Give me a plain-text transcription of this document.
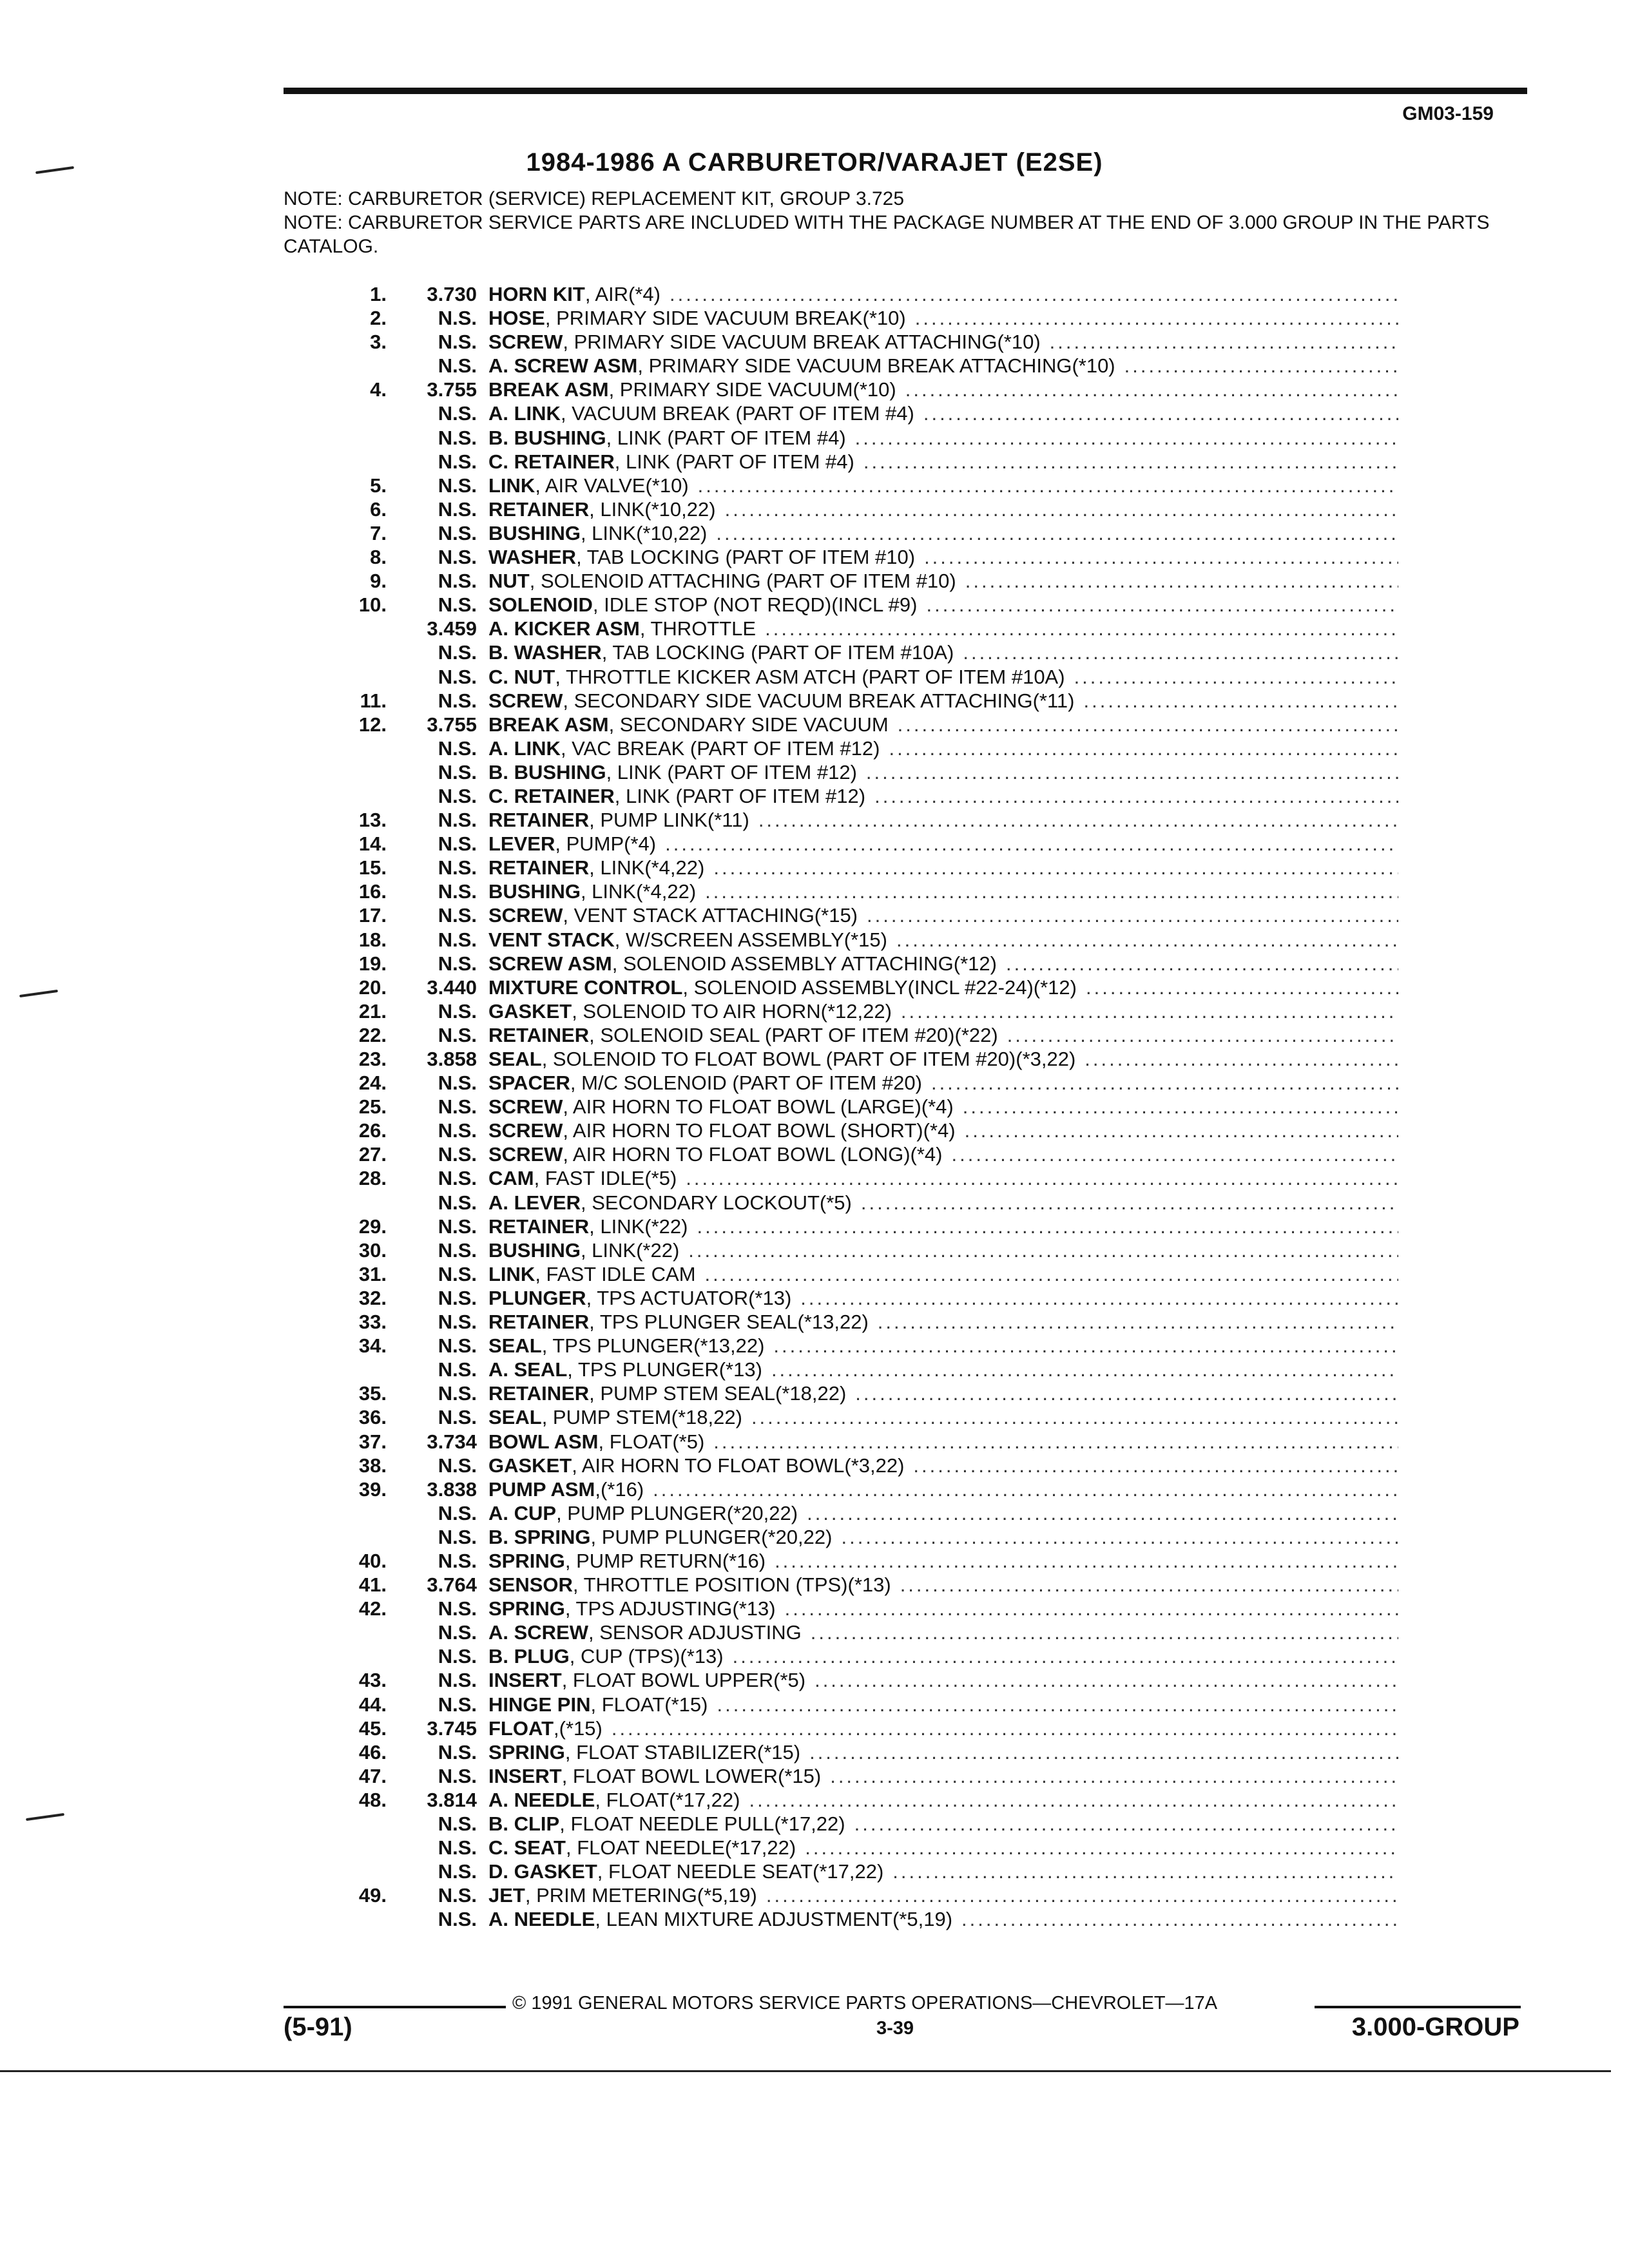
GM03-159
1984-1986 A CARBURETOR/VARAJET (E2SE)

NOTE: CARBURETOR (SERVICE) REPLACEMENT KIT, GROUP 3.725

NOTE: CARBURETOR SERVICE PARTS ARE INCLUDED WITH THE PACKAGE NUMBER AT THE END OF 3.000 GROUP IN THE PARTS CATALOG.

1.	3.730 HORN KIT , AIR(*4)
.....
2.	N.S. HOSE , PRIMARY SIDE VACUUM BREAK(*10)
.....
3.	N.S. SCREW , PRIMARY SIDE VACUUM BREAK ATTACHING(*10)
.....
N.S. A. SCREW ASM , PRIMARY SIDE VACUUM BREAK ATTACHING(*10)
.....
4.	3.755 BREAK ASM , PRIMARY SIDE VACUUM(*10)
.....
N.S. A. LINK , VACUUM BREAK (PART OF ITEM #4)
.....
N.S. B. BUSHING , LINK (PART OF ITEM #4)
.....
N.S. C. RETAINER , LINK (PART OF ITEM #4)
.....
5.	N.S. LINK , AIR VALVE(*10)
.....
6.	N.S. RETAINER , LINK(*10,22)
.....
7.	N.S. BUSHING , LINK(*10,22)
.....
8.	N.S. WASHER , TAB LOCKING (PART OF ITEM #10)
.....
9.	N.S. NUT , SOLENOID ATTACHING (PART OF ITEM #10)
.....
10.	N.S. SOLENOID , IDLE STOP (NOT REQD)(INCL #9)
.....
3.459 A. KICKER ASM , THROTTLE
.....
N.S. B. WASHER , TAB LOCKING (PART OF ITEM #10A)
.....
N.S. C. NUT , THROTTLE KICKER ASM ATCH (PART OF ITEM #10A)
.....
11.	N.S. SCREW , SECONDARY SIDE VACUUM BREAK ATTACHING(*11)
.....
12.	3.755 BREAK ASM , SECONDARY SIDE VACUUM
.....
N.S. A. LINK , VAC BREAK (PART OF ITEM #12)
.....
N.S. B. BUSHING , LINK (PART OF ITEM #12)
.....
N.S. C. RETAINER , LINK (PART OF ITEM #12)
.....
13.	N.S. RETAINER , PUMP LINK(*11)
.....
14.	N.S. LEVER , PUMP(*4)
.....
15.	N.S. RETAINER , LINK(*4,22)
.....
16.	N.S. BUSHING , LINK(*4,22)
.....
17.	N.S. SCREW , VENT STACK ATTACHING(*15)
.....
18.	N.S. VENT STACK , W/SCREEN ASSEMBLY(*15)
.....
19.	N.S. SCREW ASM , SOLENOID ASSEMBLY ATTACHING(*12)
.....
20.	3.440 MIXTURE CONTROL , SOLENOID ASSEMBLY(INCL #22-24)(*12)
.....
21.	N.S. GASKET , SOLENOID TO AIR HORN(*12,22)
.....
22.	N.S. RETAINER , SOLENOID SEAL (PART OF ITEM #20)(*22)
.....
23.	3.858 SEAL , SOLENOID TO FLOAT BOWL (PART OF ITEM #20)(*3,22)
.....
24.	N.S. SPACER , M/C SOLENOID (PART OF ITEM #20)
.....
25.	N.S. SCREW , AIR HORN TO FLOAT BOWL (LARGE)(*4)
.....
26.	N.S. SCREW , AIR HORN TO FLOAT BOWL (SHORT)(*4)
.....
27.	N.S. SCREW , AIR HORN TO FLOAT BOWL (LONG)(*4)
.....
28.	N.S. CAM , FAST IDLE(*5)
.....
N.S. A. LEVER , SECONDARY LOCKOUT(*5)
.....
29.	N.S. RETAINER , LINK(*22)
.....
30.	N.S. BUSHING , LINK(*22)
.....
31.	N.S. LINK , FAST IDLE CAM
.....
32.	N.S. PLUNGER , TPS ACTUATOR(*13)
.....
33.	N.S. RETAINER , TPS PLUNGER SEAL(*13,22)
.....
34.	N.S. SEAL , TPS PLUNGER(*13,22)
.....
N.S. A. SEAL , TPS PLUNGER(*13)
.....
35.	N.S. RETAINER , PUMP STEM SEAL(*18,22)
.....
36.	N.S. SEAL , PUMP STEM(*18,22)
.....
37.	3.734 BOWL ASM , FLOAT(*5)
.....
38.	N.S. GASKET , AIR HORN TO FLOAT BOWL(*3,22)
.....
39.	3.838 PUMP ASM ,(*16)
.....
N.S. A. CUP , PUMP PLUNGER(*20,22)
.....
N.S. B. SPRING , PUMP PLUNGER(*20,22)
.....
40.	N.S. SPRING , PUMP RETURN(*16)
.....
41.	3.764 SENSOR , THROTTLE POSITION (TPS)(*13)
.....
42.	N.S. SPRING , TPS ADJUSTING(*13)
.....
N.S. A. SCREW , SENSOR ADJUSTING
.....
N.S. B. PLUG , CUP (TPS)(*13)
.....
43.	N.S. INSERT , FLOAT BOWL UPPER(*5)
.....
44.	N.S. HINGE PIN , FLOAT(*15)
.....
45.	3.745 FLOAT ,(*15)
.....
46.	N.S. SPRING , FLOAT STABILIZER(*15)
.....
47.	N.S. INSERT , FLOAT BOWL LOWER(*15)
.....
48.	3.814 A. NEEDLE , FLOAT(*17,22)
.....
N.S. B. CLIP , FLOAT NEEDLE PULL(*17,22)
.....
N.S. C. SEAT , FLOAT NEEDLE(*17,22)
.....
N.S. D. GASKET , FLOAT NEEDLE SEAT(*17,22)
.....
49.	N.S. JET , PRIM METERING(*5,19)
.....
N.S. A. NEEDLE , LEAN MIXTURE ADJUSTMENT(*5,19)
.....
© 1991 GENERAL MOTORS SERVICE PARTS OPERATIONS—CHEVROLET—17A
(5-91)	3-39	3.000-GROUP
